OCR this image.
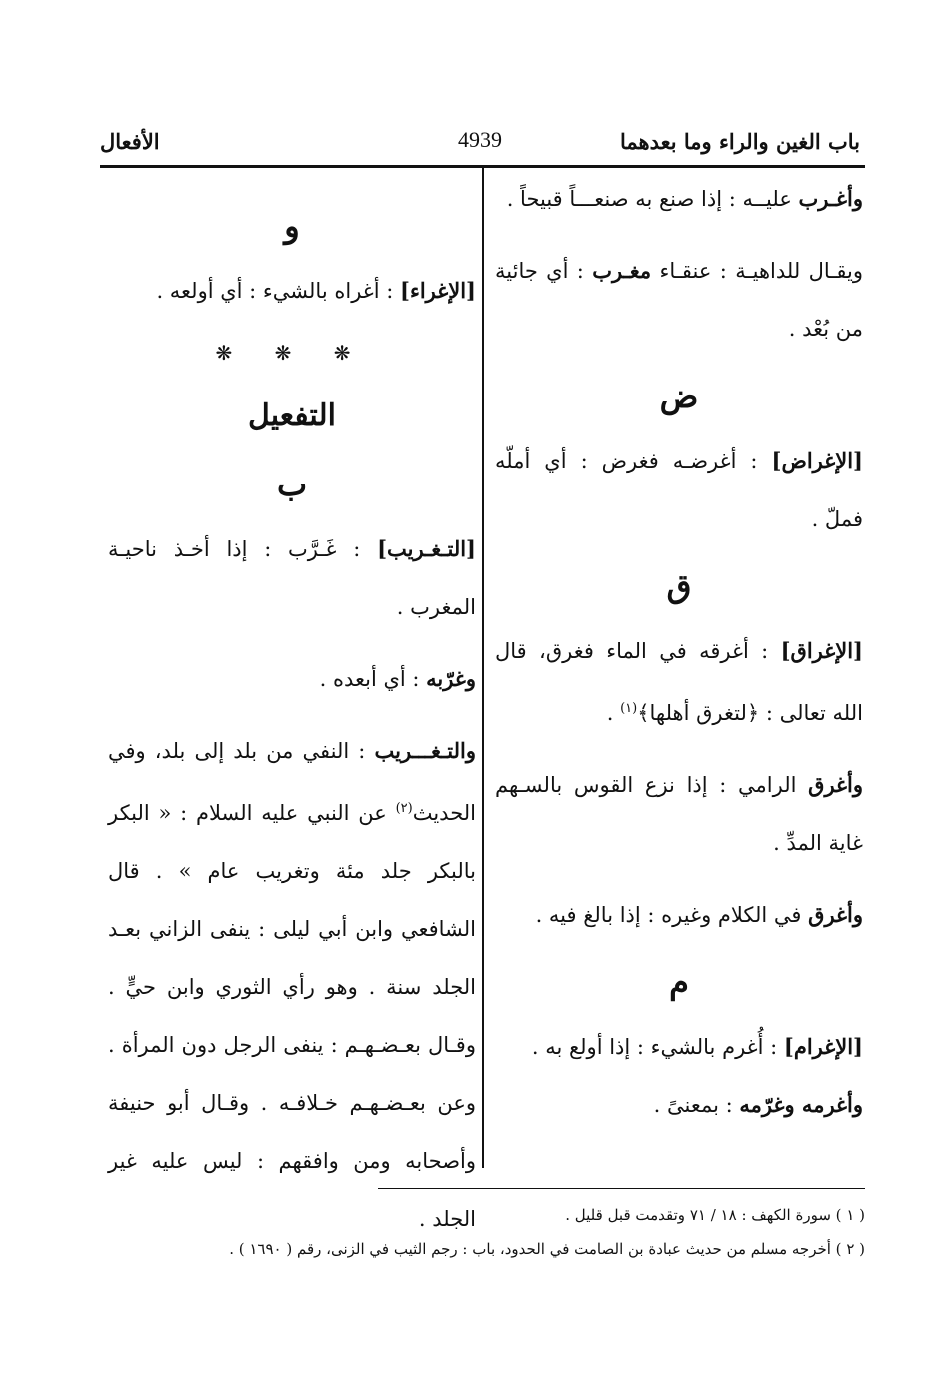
باب الغين والراء وما بعدهما
4939
الأفعال

وأغـرب عليــه : إذا صنع به صنعـــاً قبيحاً .

ويقـال للداهيـة : عنقـاء مغـرب : أي جائية من بُعْد .

ض

[الإغراض] : أغرضـه فغرض : أي أملّه فملّ .

ق

[الإغراق] : أغرقه في الماء فغرق، قال الله تعالى : ﴿لتغرق أهلها﴾$^{(١)}$ .

وأغرق الرامي : إذا نزع القوس بالسـهم غاية المدِّ .

وأغرق في الكلام وغيره : إذا بالغ فيه .

م

[الإغرام] : أُغرم بالشيء : إذا أولع به .

وأغرمه وغرّمه : بمعنىً .

و

[الإغراء] : أغراه بالشيء : أي أولعه .

❋ ❋ ❋
التفعيل
ب

[التـغـريب] : غَـرَّب : إذا أخـذ ناحيـة المغرب .

وغرّبه : أي أبعده .

والتـغـــريب : النفي من بلد إلى بلد، وفي الحديث$^{(٢)}$ عن النبي عليه السلام : « البكر بالبكر جلد مئة وتغريب عام » . قال الشافعي وابن أبي ليلى : ينفى الزاني بعـد الجلد سنة . وهو رأي الثوري وابن حيٍّ . وقـال بعـضـهـم : ينفى الرجل دون المرأة . وعن بعـضـهـم خـلافـه . وقـال أبو حنيفة وأصحابه ومن وافقهم : ليس عليه غير الجلد .	( ١ ) سورة الكهف : ١٨ / ٧١ وتقدمت قبل قليل .
( ٢ ) أخرجه مسلم من حديث عبادة بن الصامت في الحدود، باب : رجم الثيب في الزنى، رقم ( ١٦٩٠ ) .
